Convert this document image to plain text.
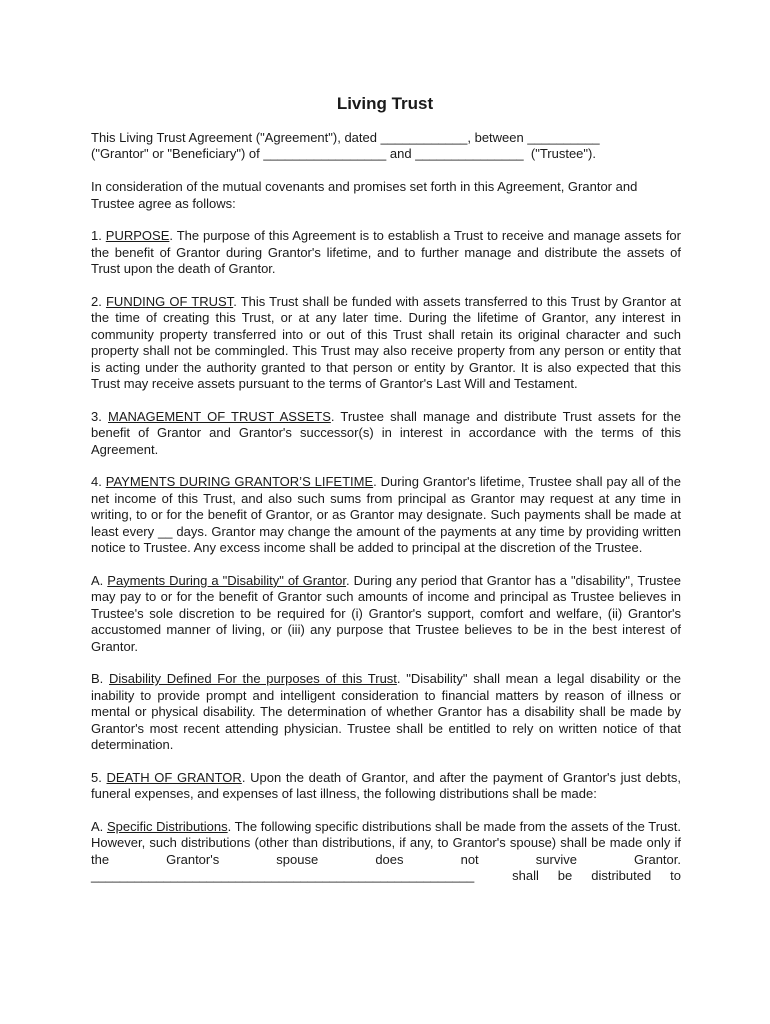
Living Trust

This Living Trust Agreement ("Agreement"), dated ____________, between __________
("Grantor" or "Beneficiary") of _________________ and _______________  ("Trustee").

In consideration of the mutual covenants and promises set forth in this Agreement, Grantor and Trustee agree as follows:

1. PURPOSE. The purpose of this Agreement is to establish a Trust to receive and manage assets for the benefit of Grantor during Grantor's lifetime, and to further manage and distribute the assets of Trust upon the death of Grantor.

2. FUNDING OF TRUST. This Trust shall be funded with assets transferred to this Trust by Grantor at the time of creating this Trust, or at any later time. During the lifetime of Grantor, any interest in community property transferred into or out of this Trust shall retain its original character and such property shall not be commingled. This Trust may also receive property from any person or entity that is acting under the authority granted to that person or entity by Grantor. It is also expected that this Trust may receive assets pursuant to the terms of Grantor's Last Will and Testament.

3. MANAGEMENT OF TRUST ASSETS. Trustee shall manage and distribute Trust assets for the benefit of Grantor and Grantor's successor(s) in interest in accordance with the terms of this Agreement.

4. PAYMENTS DURING GRANTOR’S LIFETIME. During Grantor's lifetime, Trustee shall pay all of the net income of this Trust, and also such sums from principal as Grantor may request at any time in writing, to or for the benefit of Grantor, or as Grantor may designate. Such payments shall be made at least every __ days. Grantor may change the amount of the payments at any time by providing written notice to Trustee. Any excess income shall be added to principal at the discretion of the Trustee.

A. Payments During a "Disability" of Grantor. During any period that Grantor has a "disability", Trustee may pay to or for the benefit of Grantor such amounts of income and principal as Trustee believes in Trustee's sole discretion to be required for (i) Grantor's support, comfort and welfare, (ii) Grantor's accustomed manner of living, or (iii) any purpose that Trustee believes to be in the best interest of Grantor.

B. Disability Defined For the purposes of this Trust. "Disability" shall mean a legal disability or the inability to provide prompt and intelligent consideration to financial matters by reason of illness or mental or physical disability. The determination of whether Grantor has a disability shall be made by Grantor's most recent attending physician. Trustee shall be entitled to rely on written notice of that determination.

5. DEATH OF GRANTOR. Upon the death of Grantor, and after the payment of Grantor's just debts, funeral expenses, and expenses of last illness, the following distributions shall be made:

A. Specific Distributions. The following specific distributions shall be made from the assets of the Trust. However, such distributions (other than distributions, if any, to Grantor's spouse) shall be made only if the Grantor's spouse does not survive Grantor. _____________________________________________________  shall be distributed to
